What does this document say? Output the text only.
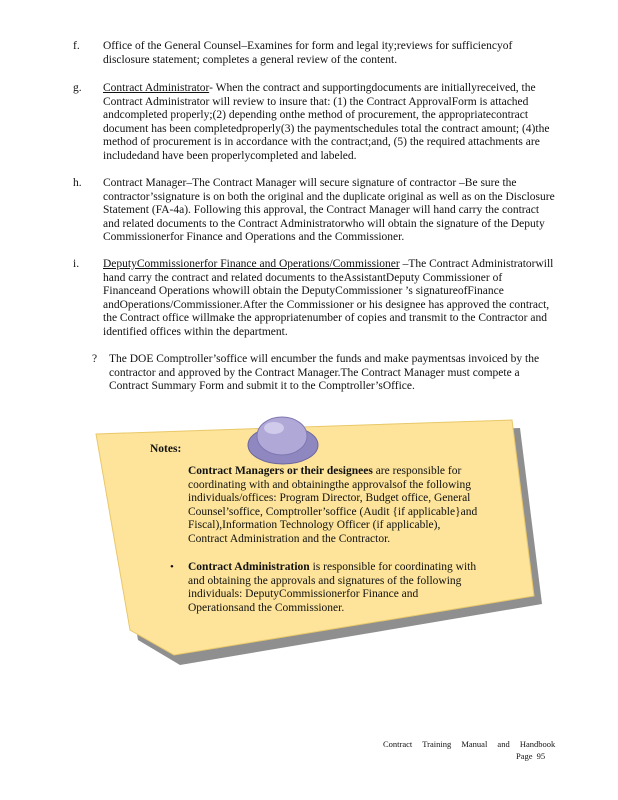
f. Office of the General Counsel–Examines for form and legal ity;reviews for sufficiencyof disclosure statement; completes a general review of the content.
g. Contract Administrator- When the contract and supportingdocuments are initiallyreceived, the Contract Administrator will review to insure that: (1) the Contract ApprovalForm is attached andcompleted properly;(2) depending onthe method of procurement, the appropriatecontract document has been completedproperly(3) the paymentschedules total the contract amount; (4)the method of procurement is in accordance with the contract;and, (5) the required attachments are includedand have been properlycompleted and labeled.
h. Contract Manager–The Contract Manager will secure signature of contractor –Be sure the contractor’ssignature is on both the original and the duplicate original as well as on the Disclosure Statement (FA-4a). Following this approval, the Contract Manager will hand carry the contract and related documents to the Contract Administratorwho will obtain the signature of the Deputy Commissionerfor Finance and Operations and the Commissioner.
i. DeputyCommissionerfor Finance and Operations/Commissioner –The Contract Administratorwill hand carry the contract and related documents to theAssistantDeputy Commissioner of Financeand Operations whowill obtain the DeputyCommissioner ’s signatureofFinance andOperations/Commissioner.After the Commissioner or his designee has approved the contract, the Contract office willmake the appropriatenumber of copies and transmit to the Contractor and identified offices within the department.
? The DOE Comptroller’soffice will encumber the funds and make paymentsas invoiced by the contractor and approved by the Contract Manager.The Contract Manager must compete a Contract Summary Form and submit it to the Comptroller’sOffice.
Notes:
Contract Managers or their designees are responsible for coordinating with and obtainingthe approvalsof the following individuals/offices: Program Director, Budget office, General Counsel’soffice, Comptroller’soffice (Audit {if applicable}and Fiscal),Information Technology Officer (if applicable), Contract Administration and the Contractor.
• Contract Administration is responsible for coordinating with and obtaining the approvals and signatures of the following individuals: DeputyCommissionerfor Finance and Operationsand the Commissioner.
Contract Training Manual and Handbook
Page 95
